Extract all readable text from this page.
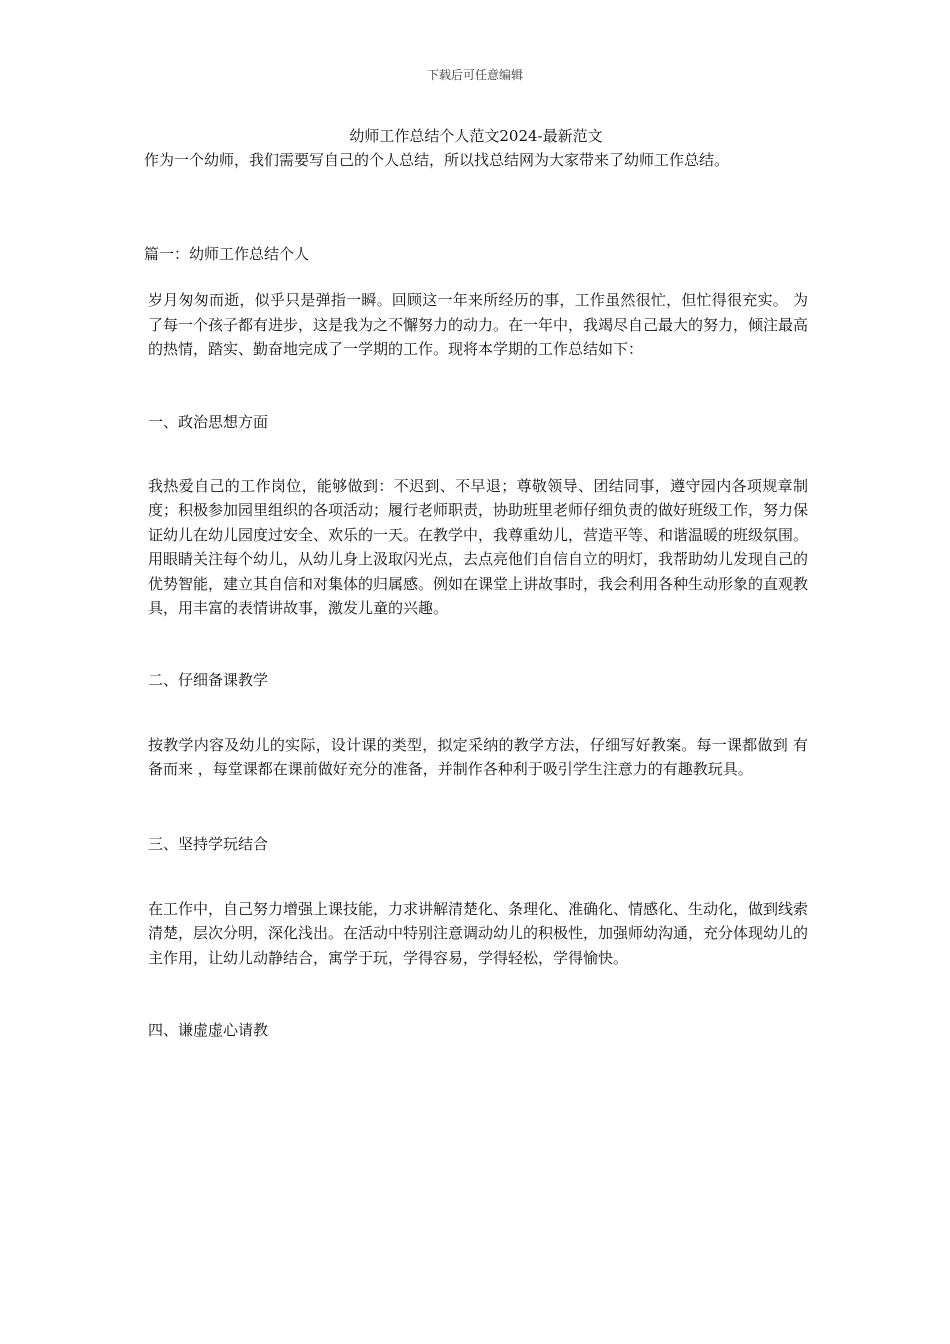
下载后可任意编辑
幼师工作总结个人范文2024-最新范文

作为一个幼师，我们需要写自己的个人总结，所以找总结网为大家带来了幼师工作总结。

篇一：幼师工作总结个人

岁月匆匆而逝，似乎只是弹指一瞬。回顾这一年来所经历的事，工作虽然很忙，但忙得很充实。 为了每一个孩子都有进步，这是我为之不懈努力的动力。在一年中，我竭尽自己最大的努力，倾注最高的热情，踏实、勤奋地完成了一学期的工作。现将本学期的工作总结如下：

一、政治思想方面

我热爱自己的工作岗位，能够做到：不迟到、不早退；尊敬领导、团结同事，遵守园内各项规章制度；积极参加园里组织的各项活动；履行老师职责，协助班里老师仔细负责的做好班级工作，努力保证幼儿在幼儿园度过安全、欢乐的一天。在教学中，我尊重幼儿，营造平等、和谐温暖的班级氛围。用眼睛关注每个幼儿，从幼儿身上汲取闪光点，去点亮他们自信自立的明灯，我帮助幼儿发现自己的优势智能，建立其自信和对集体的归属感。例如在课堂上讲故事时，我会利用各种生动形象的直观教具，用丰富的表情讲故事，激发儿童的兴趣。

二、仔细备课教学

按教学内容及幼儿的实际，设计课的类型，拟定采纳的教学方法，仔细写好教案。每一课都做到 有备而来 ，每堂课都在课前做好充分的准备，并制作各种利于吸引学生注意力的有趣教玩具。

三、坚持学玩结合

在工作中，自己努力增强上课技能，力求讲解清楚化、条理化、准确化、情感化、生动化，做到线索清楚，层次分明，深化浅出。在活动中特别注意调动幼儿的积极性，加强师幼沟通，充分体现幼儿的主作用，让幼儿动静结合，寓学于玩，学得容易，学得轻松，学得愉快。

四、谦虚虚心请教
